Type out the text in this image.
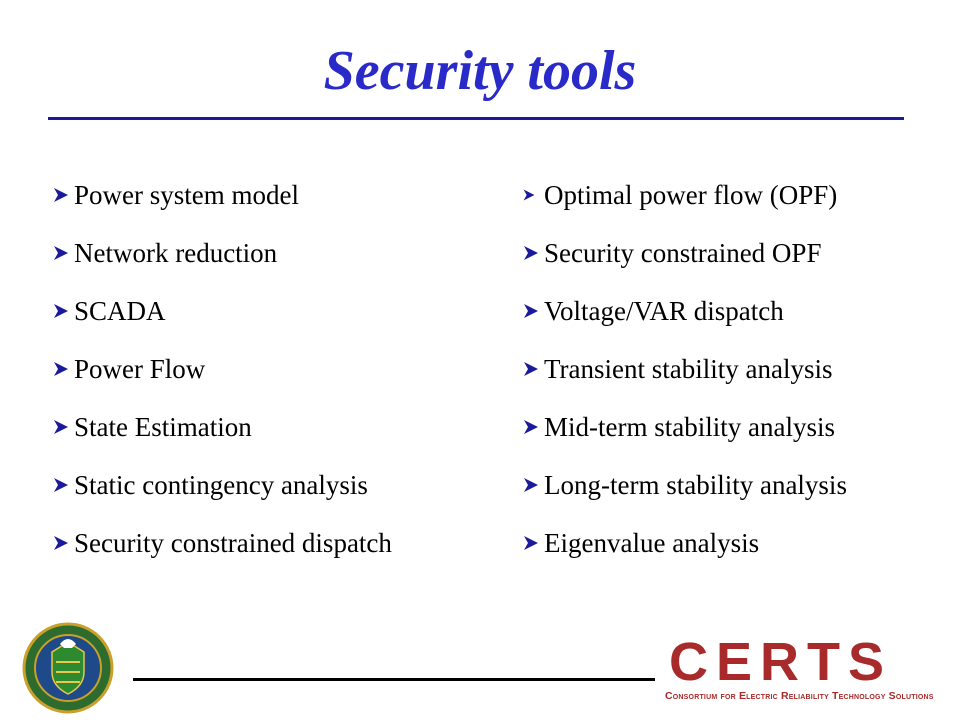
Security tools
Power system model
Network reduction
SCADA
Power Flow
State Estimation
Static contingency analysis
Security constrained dispatch
Optimal power flow (OPF)
Security constrained OPF
Voltage/VAR dispatch
Transient stability analysis
Mid-term stability analysis
Long-term stability analysis
Eigenvalue analysis
CERTS
Consortium for Electric Reliability Technology Solutions
